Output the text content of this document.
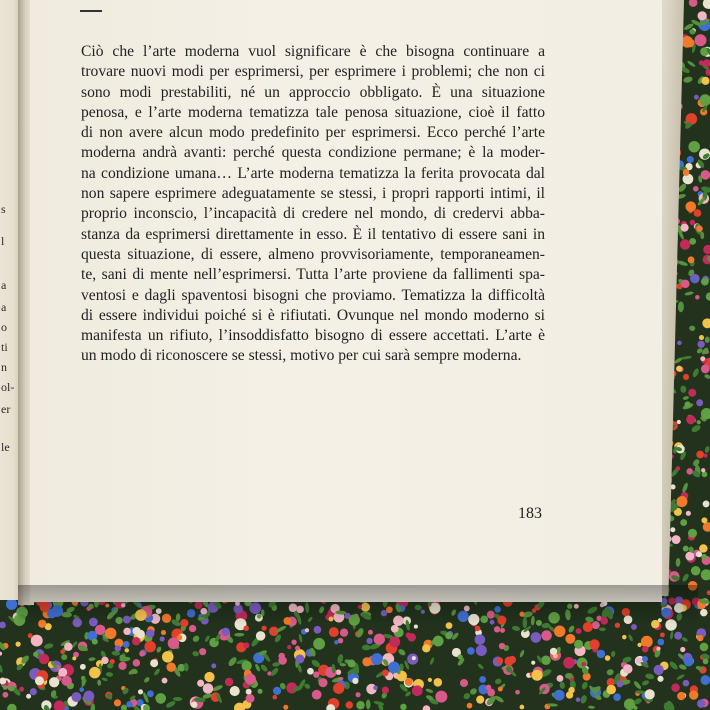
s
l
a
a
o
ti
n
ol-
er
le
Ciò che l’arte moderna vuol significare è che bisogna continuare a
trovare nuovi modi per esprimersi, per esprimere i problemi; che non ci
sono modi prestabiliti, né un approccio obbligato. È una situazione
penosa, e l’arte moderna tematizza tale penosa situazione, cioè il fatto
di non avere alcun modo predefinito per esprimersi. Ecco perché l’arte
moderna andrà avanti: perché questa condizione permane; è la moder-
na condizione umana… L’arte moderna tematizza la ferita provocata dal
non sapere esprimere adeguatamente se stessi, i propri rapporti intimi, il
proprio inconscio, l’incapacità di credere nel mondo, di credervi abba-
stanza da esprimersi direttamente in esso. È il tentativo di essere sani in
questa situazione, di essere, almeno provvisoriamente, temporaneamen-
te, sani di mente nell’esprimersi. Tutta l’arte proviene da fallimenti spa-
ventosi e dagli spaventosi bisogni che proviamo. Tematizza la difficoltà
di essere individui poiché si è rifiutati. Ovunque nel mondo moderno si
manifesta un rifiuto, l’insoddisfatto bisogno di essere accettati. L’arte è
un modo di riconoscere se stessi, motivo per cui sarà sempre moderna.
183
